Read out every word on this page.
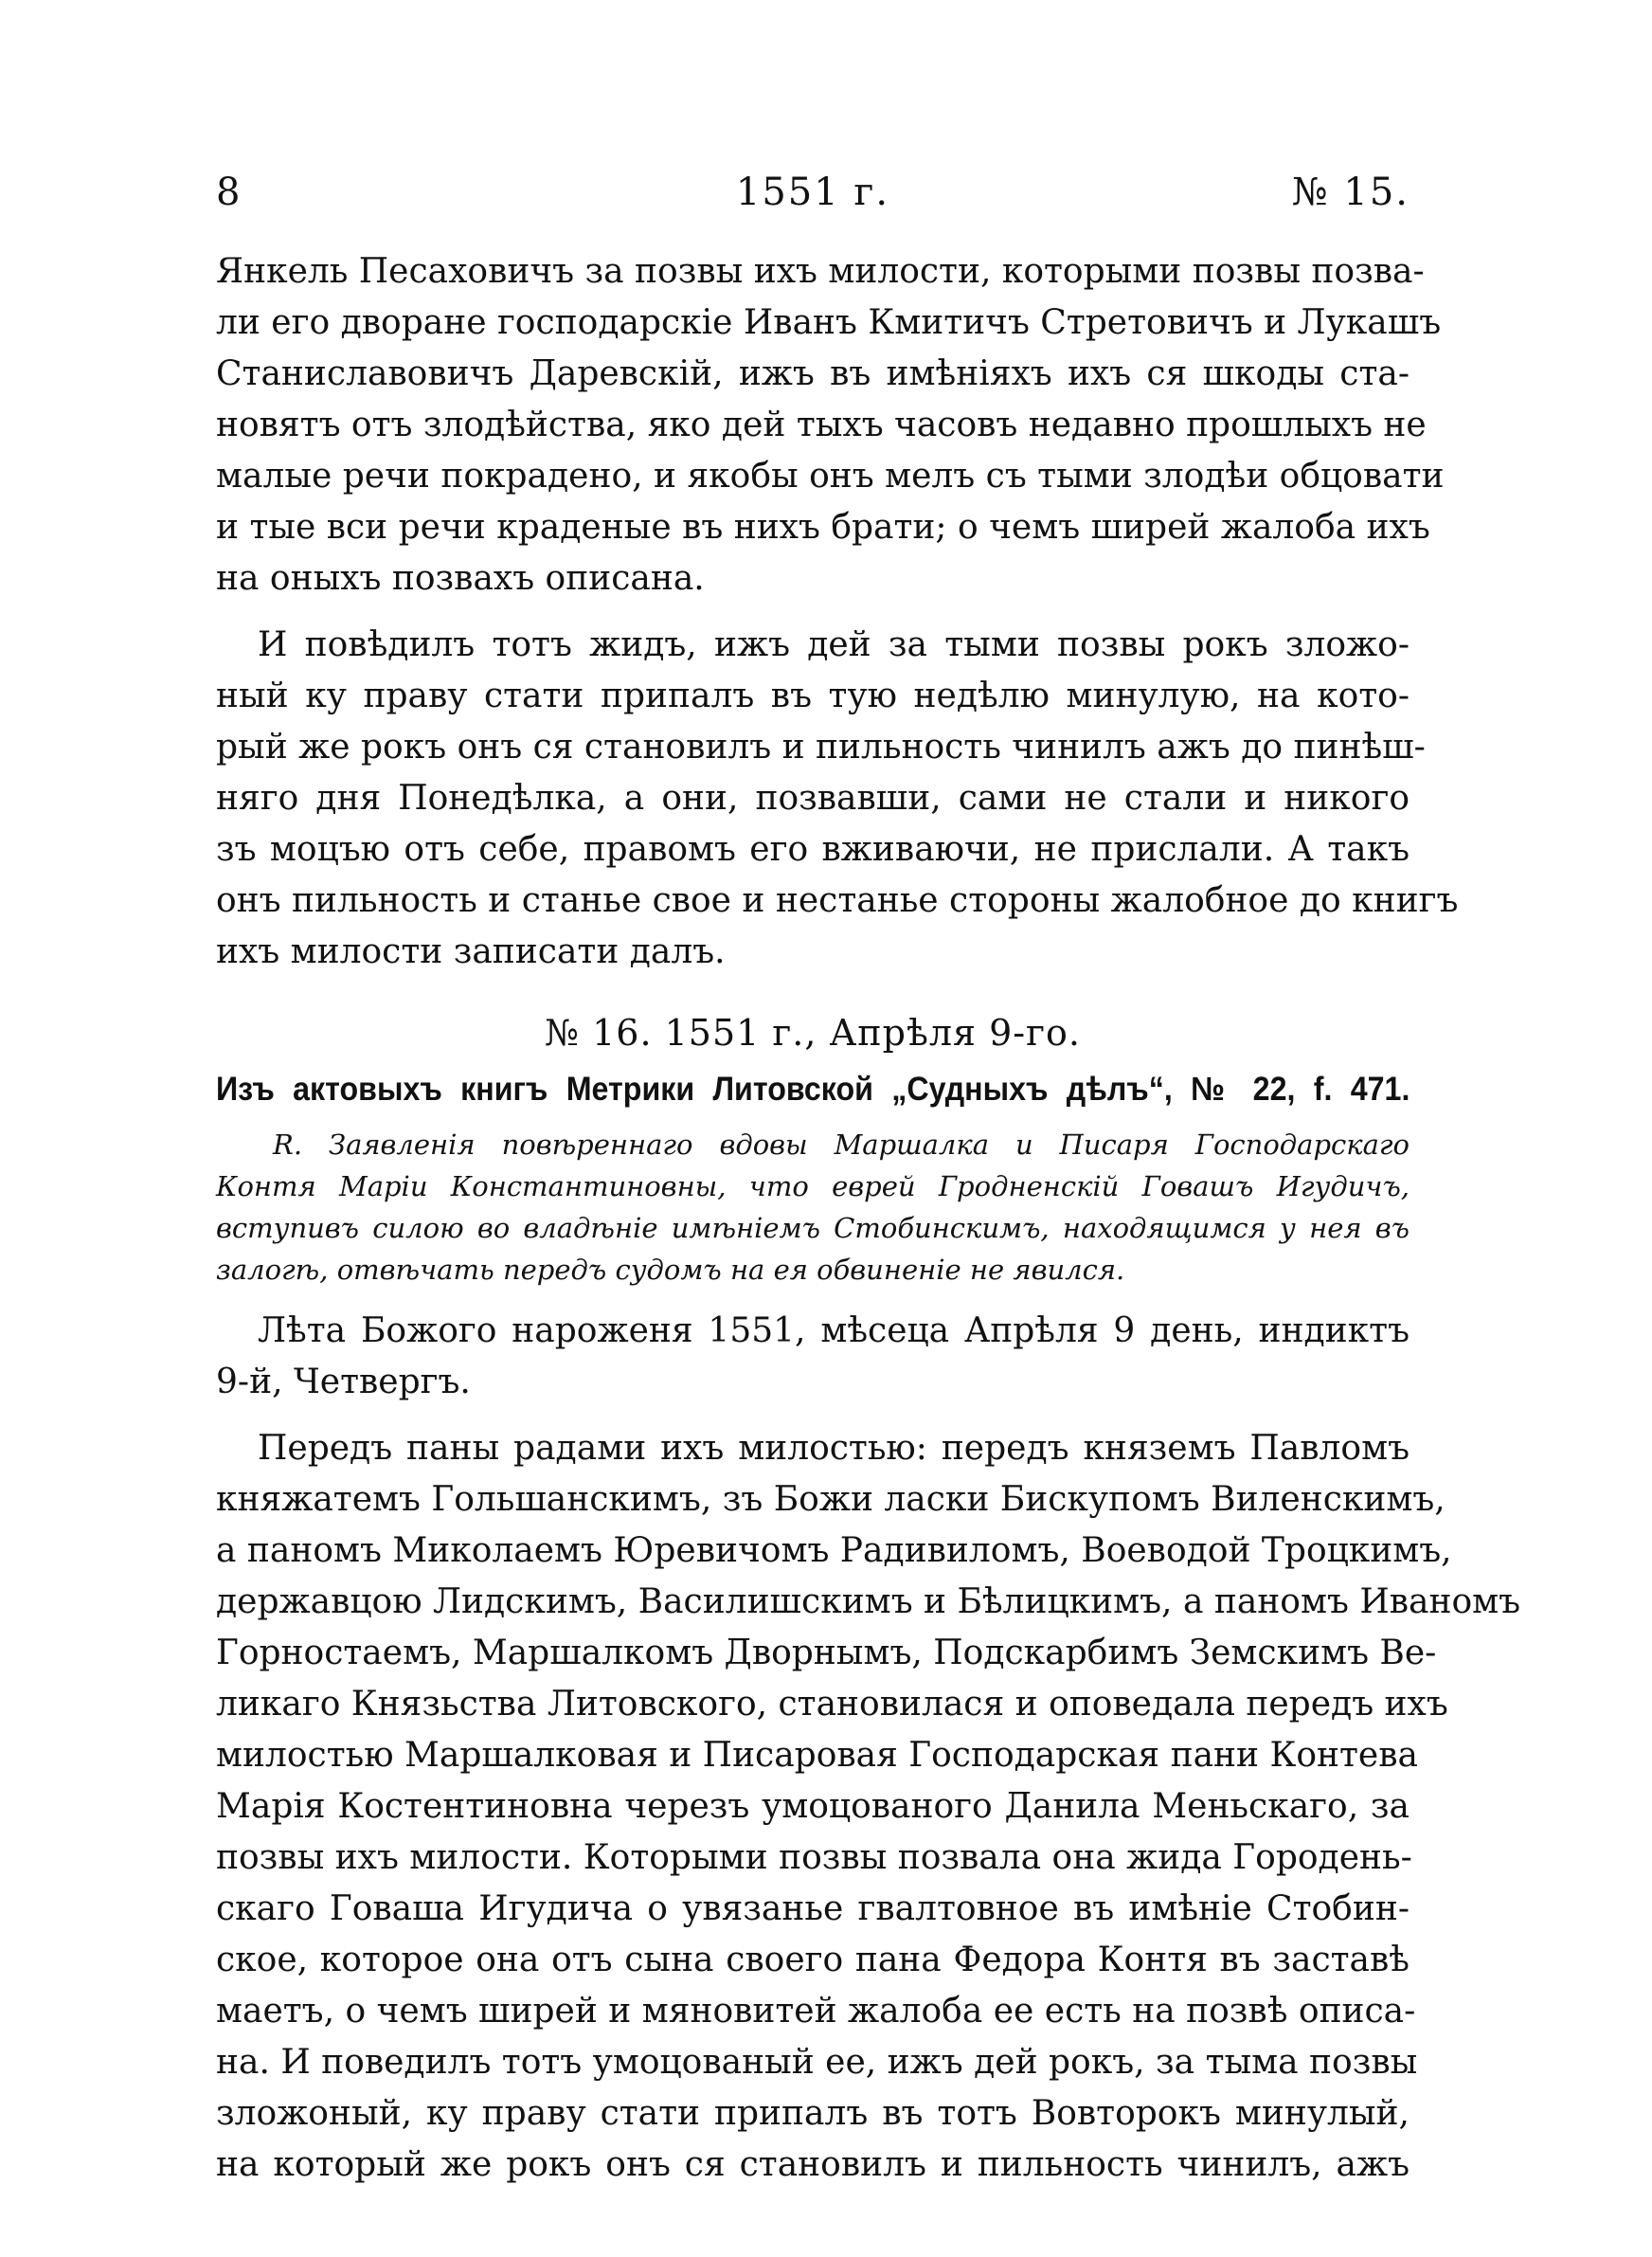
8	1551 г.	№ 15.

Янкель Песаховичъ за позвы ихъ милости, которыми позвы позва-
ли его дворане господарскіе Иванъ Кмитичъ Стретовичъ и Лукашъ
Станиславовичъ Даревскій, ижъ въ имѣніяхъ ихъ ся шкоды ста-
новятъ отъ злодѣйства, яко дей тыхъ часовъ недавно прошлыхъ не
малые речи покрадено, и якобы онъ мелъ съ тыми злодѣи обцовати
и тые вси речи краденые въ нихъ брати; о чемъ ширей жалоба ихъ
на оныхъ позвахъ описана.

И повѣдилъ тотъ жидъ, ижъ дей за тыми позвы рокъ зложо-
ный ку праву стати припалъ въ тую недѣлю минулую, на кото-
рый же рокъ онъ ся становилъ и пильность чинилъ ажъ до пинѣш-
няго дня Понедѣлка, а они, позвавши, сами не стали и никого
зъ моцъю отъ себе, правомъ его вживаючи, не прислали. А такъ
онъ пильность и станье свое и нестанье стороны жалобное до книгъ
ихъ милости записати далъ.

№ 16. 1551 г., Апрѣля 9-го.

Изъ актовыхъ книгъ Метрики Литовской „Судныхъ дѣлъ“, № 22, f. 471.

R. Заявленія повѣреннаго вдовы Маршалка и Писаря Господарскаго
Контя Маріи Константиновны, что еврей Гродненскій Говашъ Игудичъ,
вступивъ силою во владѣніе имѣніемъ Стобинскимъ, находящимся у нея въ
залогѣ, отвѣчать передъ судомъ на ея обвиненіе не явился.

Лѣта Божого нароженя 1551, мѣсеца Апрѣля 9 день, индиктъ
9-й, Четвергъ.

Передъ паны радами ихъ милостью: передъ княземъ Павломъ
княжатемъ Гольшанскимъ, зъ Божи ласки Бискупомъ Виленскимъ,
а паномъ Миколаемъ Юревичомъ Радивиломъ, Воеводой Троцкимъ,
державцою Лидскимъ, Василишскимъ и Бѣлицкимъ, а паномъ Иваномъ
Горностаемъ, Маршалкомъ Дворнымъ, Подскарбимъ Земскимъ Ве-
ликаго Князьства Литовского, становилася и оповедала передъ ихъ
милостью Маршалковая и Писаровая Господарская пани Контева
Марія Костентиновна черезъ умоцованого Данила Меньскаго, за
позвы ихъ милости. Которыми позвы позвала она жида Городень-
скаго Говаша Игудича о увязанье гвалтовное въ имѣніе Стобин-
ское, которое она отъ сына своего пана Федора Контя въ заставѣ
маетъ, о чемъ ширей и мяновитей жалоба ее есть на позвѣ описа-
на. И поведилъ тотъ умоцованый ее, ижъ дей рокъ, за тыма позвы
зложоный, ку праву стати припалъ въ тотъ Вовторокъ минулый,
на который же рокъ онъ ся становилъ и пильность чинилъ, ажъ
